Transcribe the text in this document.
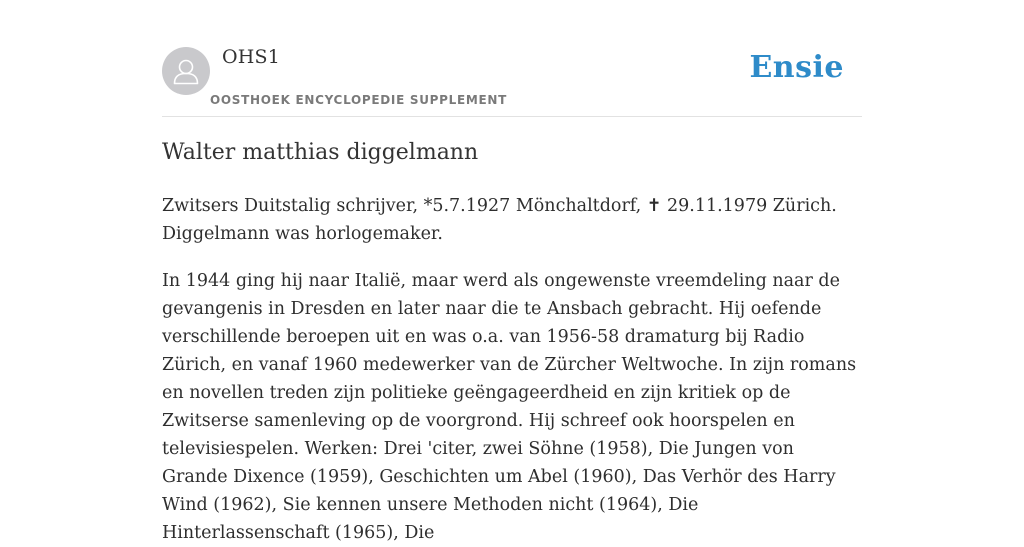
OHS1
OOSTHOEK ENCYCLOPEDIE SUPPLEMENT
Ensie
Walter matthias diggelmann

Zwitsers Duitstalig schrijver, *5.7.1927 Mönchaltdorf, ✝ 29.11.1979 Zürich. Diggelmann was horlogemaker.

In 1944 ging hij naar Italië, maar werd als ongewenste vreemdeling naar de gevangenis in Dresden en later naar die te Ansbach gebracht. Hij oefende verschillende beroepen uit en was o.a. van 1956-58 dramaturg bij Radio Zürich, en vanaf 1960 medewerker van de Zürcher Weltwoche. In zijn romans en novellen treden zijn politieke geëngageerdheid en zijn kritiek op de Zwitserse samenleving op de voorgrond. Hij schreef ook hoorspelen en televisiespelen. Werken: Drei 'citer, zwei Söhne (1958), Die Jungen von Grande Dixence (1959), Geschichten um Abel (1960), Das Verhör des Harry Wind (1962), Sie kennen unsere Methoden nicht (1964), Die Hinterlassenschaft (1965), Die
